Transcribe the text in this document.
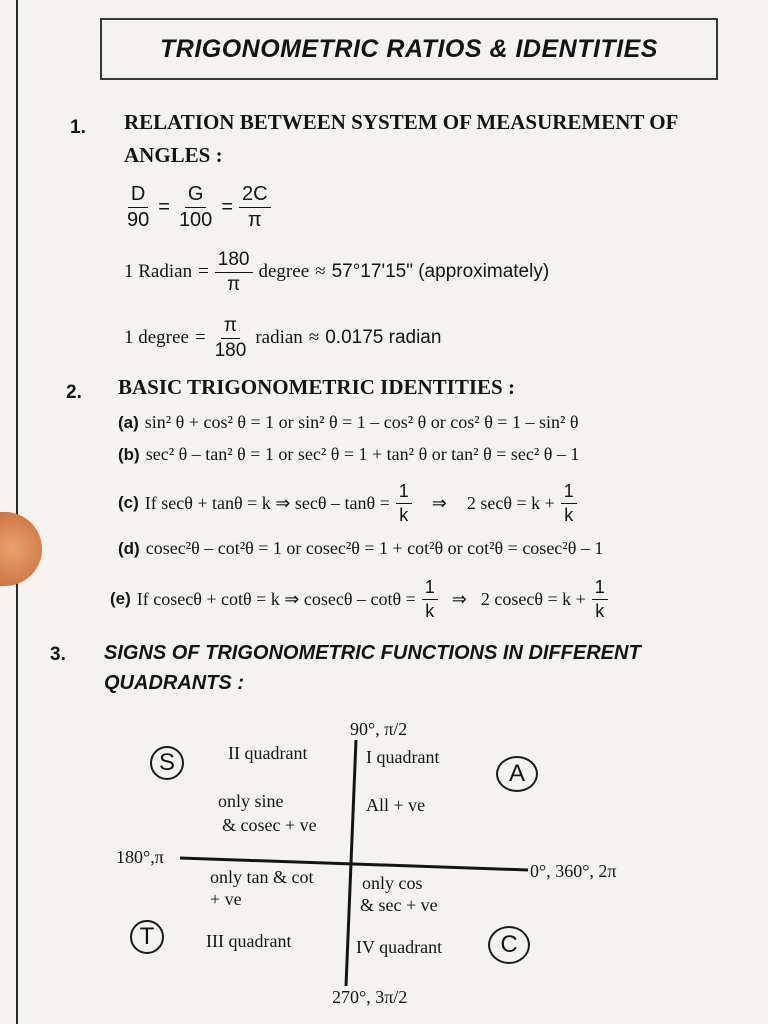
TRIGONOMETRIC RATIOS & IDENTITIES
1. RELATION BETWEEN SYSTEM OF MEASUREMENT OF
ANGLES :
$\frac{D}{90} = \frac{G}{100} = \frac{2C}{\pi}$
1 Radian = $\frac{180}{\pi}$ degree ≈ 57°17'15" (approximately)
1 degree = $\frac{\pi}{180}$ radian ≈ 0.0175 radian
2. BASIC TRIGONOMETRIC IDENTITIES :
(a) sin² θ + cos² θ = 1 or sin² θ = 1 – cos² θ or cos² θ = 1 – sin² θ
(b) sec² θ – tan² θ = 1 or sec² θ = 1 + tan² θ or tan² θ = sec² θ – 1
(c) If secθ + tanθ = k ⇒ $\sec\theta - \tan\theta = \frac{1}{k}$ ⇒ 2 $\sec\theta = k + \frac{1}{k}$
(d) cosec²θ – cot²θ = 1 or cosec²θ = 1 + cot²θ or cot²θ = cosec²θ – 1
(e) If cosecθ + cotθ = k ⇒ $cosec\theta - \cot\theta = \frac{1}{k}$ ⇒ 2 $cosec\theta = k + \frac{1}{k}$
3. SIGNS OF TRIGONOMETRIC FUNCTIONS IN DIFFERENT
QUADRANTS :
90°, π/2
180°,π
0°, 360°, 2π
270°, 3π/2
S	II quadrant
only sine
& cosec + ve
I quadrant
All + ve
A
only tan & cot
+ ve
T	III quadrant
only cos
& sec + ve
IV quadrant	C
